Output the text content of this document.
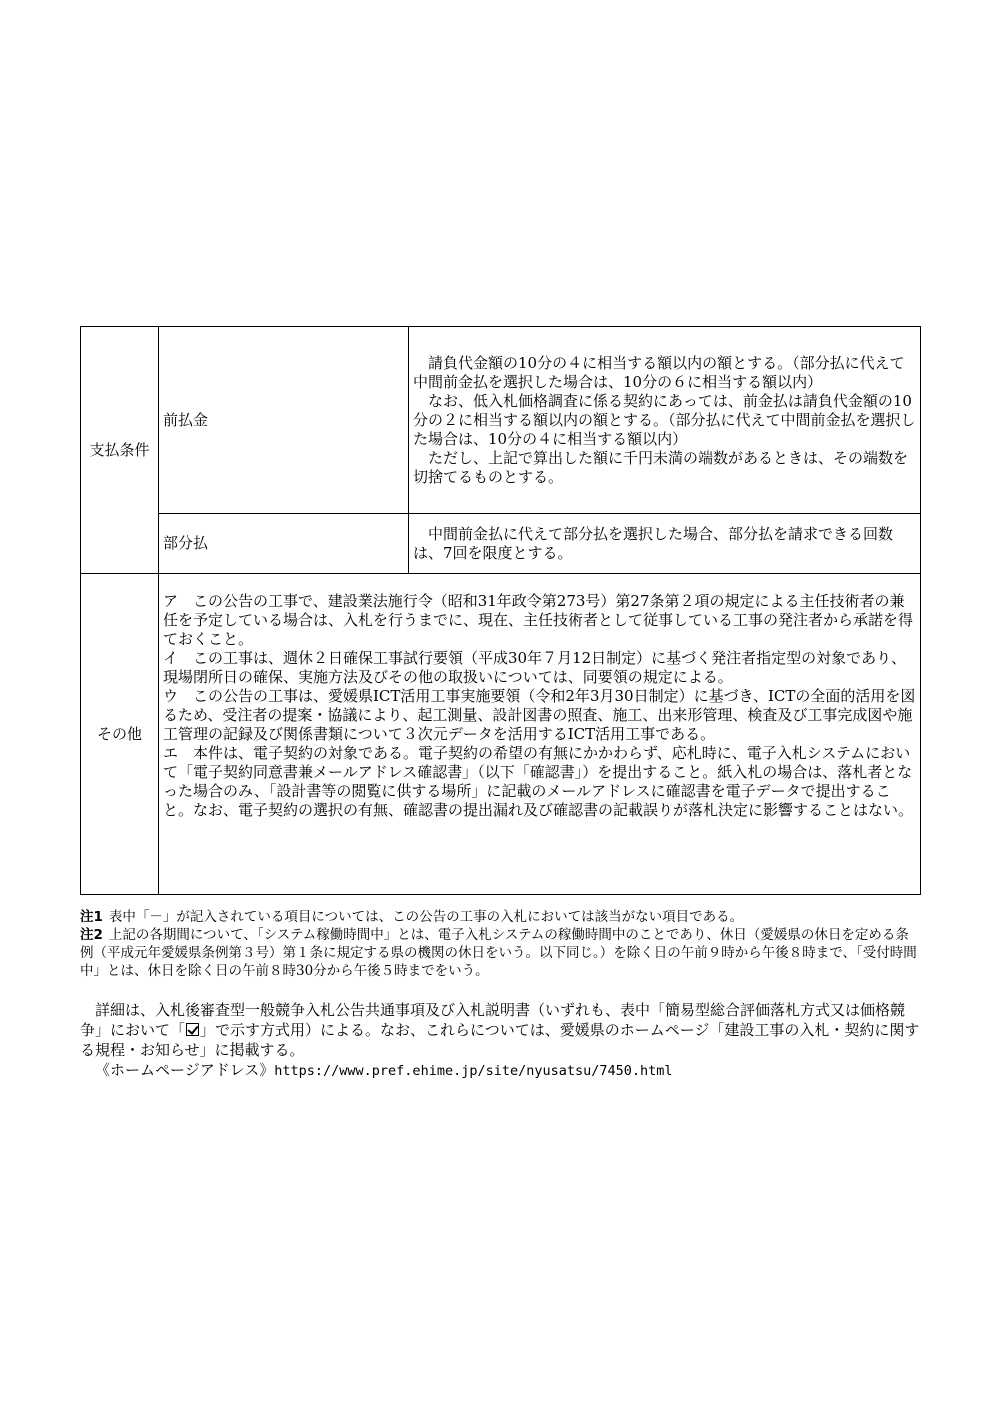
支払条件	前払金	請負代金額の10分の４に相当する額以内の額とする。（部分払に代えて中間前金払を選択した場合は、10分の６に相当する額以内）

なお、低入札価格調査に係る契約にあっては、前金払は請負代金額の10分の２に相当する額以内の額とする。（部分払に代えて中間前金払を選択した場合は、10分の４に相当する額以内）

ただし、上記で算出した額に千円未満の端数があるときは、その端数を切捨てるものとする。

	部分払	中間前金払に代えて部分払を選択した場合、部分払を請求できる回数は、7回を限度とする。

その他	ア　この公告の工事で、建設業法施行令（昭和31年政令第273号）第27条第２項の規定による主任技術者の兼任を予定している場合は、入札を行うまでに、現在、主任技術者として従事している工事の発注者から承諾を得ておくこと。

イ　この工事は、週休２日確保工事試行要領（平成30年７月12日制定）に基づく発注者指定型の対象であり、現場閉所日の確保、実施方法及びその他の取扱いについては、同要領の規定による。

ウ　この公告の工事は、愛媛県ICT活用工事実施要領（令和2年3月30日制定）に基づき、ICTの全面的活用を図るため、受注者の提案・協議により、起工測量、設計図書の照査、施工、出来形管理、検査及び工事完成図や施工管理の記録及び関係書類について３次元データを活用するICT活用工事である。

エ　本件は、電子契約の対象である。電子契約の希望の有無にかかわらず、応札時に、電子入札システムにおいて「電子契約同意書兼メールアドレス確認書」（以下「確認書」）を提出すること。紙入札の場合は、落札者となった場合のみ、「設計書等の閲覧に供する場所」に記載のメールアドレスに確認書を電子データで提出すること。なお、電子契約の選択の有無、確認書の提出漏れ及び確認書の記載誤りが落札決定に影響することはない。	

注1 表中「－」が記入されている項目については、この公告の工事の入札においては該当がない項目である。

注2 上記の各期間について、「システム稼働時間中」とは、電子入札システムの稼働時間中のことであり、休日（愛媛県の休日を定める条例（平成元年愛媛県条例第３号）第１条に規定する県の機関の休日をいう。以下同じ。）を除く日の午前９時から午後８時まで、「受付時間中」とは、休日を除く日の午前８時30分から午後５時までをいう。

詳細は、入札後審査型一般競争入札公告共通事項及び入札説明書（いずれも、表中「簡易型総合評価落札方式又は価格競争」において「 」で示す方式用）による。なお、これらについては、愛媛県のホームページ「建設工事の入札・契約に関する規程・お知らせ」に掲載する。

《ホームページアドレス》https://www.pref.ehime.jp/site/nyusatsu/7450.html
